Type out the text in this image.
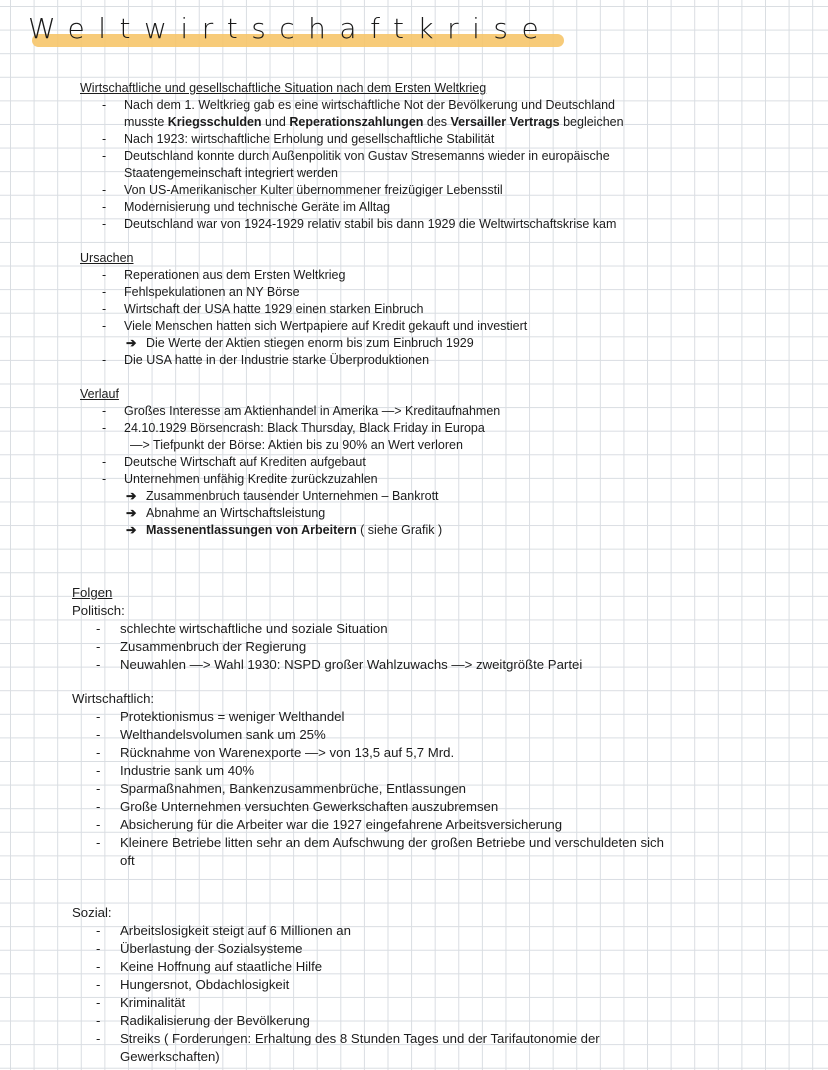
Weltwirtschaftkrise
Wirtschaftliche und gesellschaftliche Situation nach dem Ersten Weltkrieg
- Nach dem 1. Weltkrieg gab es eine wirtschaftliche Not der Bevölkerung und Deutschland
musste Kriegsschulden und Reperationszahlungen des Versailler Vertrags begleichen
- Nach 1923: wirtschaftliche Erholung und gesellschaftliche Stabilität
- Deutschland konnte durch Außenpolitik von Gustav Stresemanns wieder in europäische
Staatengemeinschaft integriert werden
- Von US-Amerikanischer Kulter übernommener freizügiger Lebensstil
- Modernisierung und technische Geräte im Alltag
- Deutschland war von 1924-1929 relativ stabil bis dann 1929 die Weltwirtschaftskrise kam
Ursachen
- Reperationen aus dem Ersten Weltkrieg
- Fehlspekulationen an NY Börse
- Wirtschaft der USA hatte 1929 einen starken Einbruch
- Viele Menschen hatten sich Wertpapiere auf Kredit gekauft und investiert
➔ Die Werte der Aktien stiegen enorm bis zum Einbruch 1929
- Die USA hatte in der Industrie starke Überproduktionen
Verlauf
- Großes Interesse am Aktienhandel in Amerika —> Kreditaufnahmen
- 24.10.1929 Börsencrash: Black Thursday, Black Friday in Europa
—> Tiefpunkt der Börse: Aktien bis zu 90% an Wert verloren
- Deutsche Wirtschaft auf Krediten aufgebaut
- Unternehmen unfähig Kredite zurückzuzahlen
➔ Zusammenbruch tausender Unternehmen – Bankrott
➔ Abnahme an Wirtschaftsleistung
➔ Massenentlassungen von Arbeitern ( siehe Grafik )
Folgen
Politisch:
- schlechte wirtschaftliche und soziale Situation
- Zusammenbruch der Regierung
- Neuwahlen —> Wahl 1930: NSPD großer Wahlzuwachs —> zweitgrößte Partei
Wirtschaftlich:
- Protektionismus = weniger Welthandel
- Welthandelsvolumen sank um 25%
- Rücknahme von Warenexporte —> von 13,5 auf 5,7 Mrd.
- Industrie sank um 40%
- Sparmaßnahmen, Bankenzusammenbrüche, Entlassungen
- Große Unternehmen versuchten Gewerkschaften auszubremsen
- Absicherung für die Arbeiter war die 1927 eingefahrene Arbeitsversicherung
- Kleinere Betriebe litten sehr an dem Aufschwung der großen Betriebe und verschuldeten sich
oft
Sozial:
- Arbeitslosigkeit steigt auf 6 Millionen an
- Überlastung der Sozialsysteme
- Keine Hoffnung auf staatliche Hilfe
- Hungersnot, Obdachlosigkeit
- Kriminalität
- Radikalisierung der Bevölkerung
- Streiks ( Forderungen: Erhaltung des 8 Stunden Tages und der Tarifautonomie der
Gewerkschaften)
